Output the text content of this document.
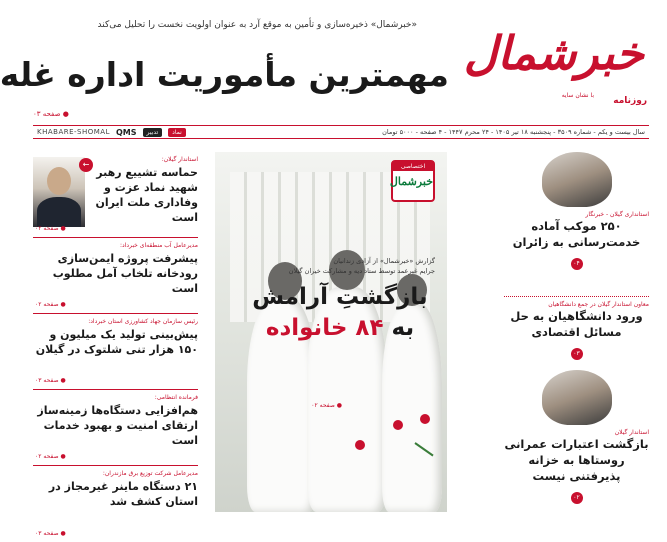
خبرشمال
روزنامه
با نشان سایه
«خبرشمال» ذخیره‌سازی و تأمین به موقع آرد به عنوان اولویت نخست را تحلیل می‌کند
مهمترین مأموریت اداره غله
● صفحه ۰۳
سال بیست و یکم - شماره ۳۵۰۹ - پنجشنبه ۱۸ تیر ۱۴۰۵ - ۲۴ محرم ۱۴۴۷ - ۴ صفحه - ۵۰۰۰ تومان
KHABARE-SHOMAL QMS	تدبیر	نماد
استانداری گیلان - خبرنگار
۲۵۰ موکب آماده خدمت‌رسانی به زائران
۰۴
معاون استاندار گیلان در جمع دانشگاهیان
ورود دانشگاهیان به حل مسائل اقتصادی
۰۳
استاندار گیلان
بازگشت اعتبارات عمرانی روستاها به خزانه پذیرفتنی نیست
۰۲
اختصاصی
خبرشمال
گزارش «خبرشمال» از آزادی زندانیان
جرایم غیرعمد توسط ستاد دیه و مشارکت خیران گیلان
بازگشتِ آرامش
به ۸۴ خانواده
● صفحه ۰۲
←
استاندار گیلان:
حماسه تشییع رهبر شهید نماد عزت و وفاداری ملت ایران است
● صفحه ۰۲
مدیرعامل آب منطقه‌ای خبرداد:
پیشرفت پروژه ایمن‌سازی رودخانه تلخاب آمل مطلوب است
● صفحه ۰۲
رئیس سازمان جهاد کشاورزی استان خبرداد:
پیش‌بینی تولید یک میلیون و ۱۵۰ هزار تنی شلتوک در گیلان
● صفحه ۰۳
فرمانده انتظامی:
هم‌افزایی دستگاه‌ها زمینه‌ساز ارتقای امنیت و بهبود خدمات است
● صفحه ۰۲
مدیرعامل شرکت توزیع برق مازندران:
۲۱ دستگاه ماینر غیرمجاز در استان کشف شد
● صفحه ۰۳
